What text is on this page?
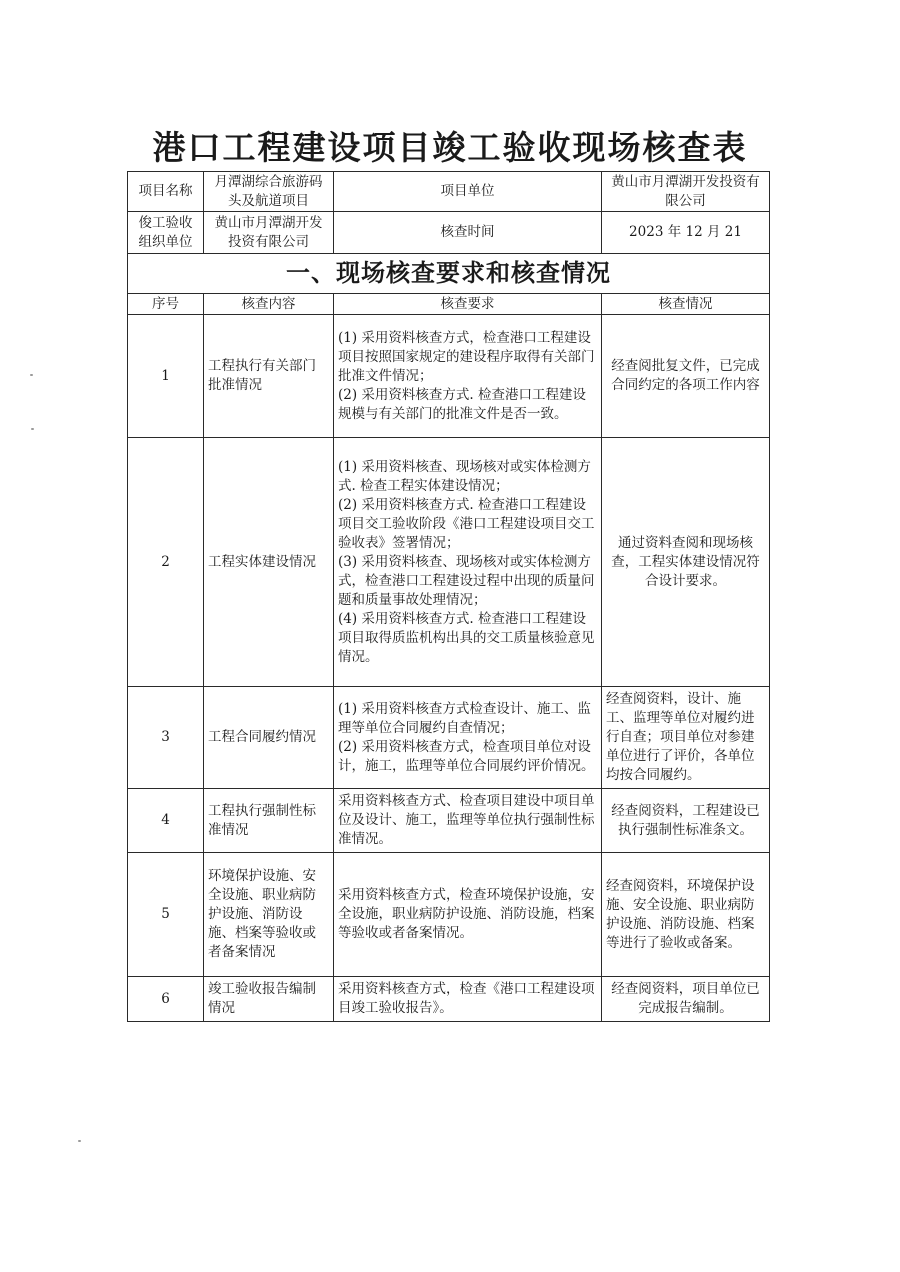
港口工程建设项目竣工验收现场核查表
项目名称	月潭湖综合旅游码头及航道项目	项目单位	黄山市月潭湖开发投资有限公司
俊工验收组织单位	黄山市月潭湖开发投资有限公司	核查时间	2023 年 12 月 21
一、现场核查要求和核查情况			
序号	核查内容	核查要求	核查情况
1	工程执行有关部门批准情况	(1) 采用资料核查方式，检查港口工程建设项目按照国家规定的建设程序取得有关部门批准文件情况；
(2) 采用资料核查方式. 检查港口工程建设规模与有关部门的批准文件是否一致。	经查阅批复文件，已完成合同约定的各项工作内容
2	工程实体建设情况	(1) 采用资料核查、现场核对或实体检测方式. 检查工程实体建设情况；
(2) 采用资料核查方式. 检查港口工程建设项目交工验收阶段《港口工程建设项目交工验收表》签署情况；
(3) 采用资料核查、现场核对或实体检测方式，检查港口工程建设过程中出现的质量问题和质量事故处理情况；
(4) 采用资料核查方式. 检查港口工程建设项目取得质监机构出具的交工质量核验意见情况。	通过资料查阅和现场核查，工程实体建设情况符合设计要求。
3	工程合同履约情况	(1) 采用资料核查方式检查设计、施工、监理等单位合同履约自查情况；
(2) 采用资料核查方式，检查项目单位对设计，施工，监理等单位合同展约评价情况。	经查阅资料，设计、施工、监理等单位对履约进行自查；项目单位对参建单位进行了评价，各单位均按合同履约。
4	工程执行强制性标 准情况	采用资料核查方式、检查项目建设中项目单位及设计、施工，监理等单位执行强制性标准情况。	经查阅资料，工程建设已执行强制性标准条文。
5	环境保护设施、安全设施、职业病防护设施、消防设施、档案等验收或者备案情况	采用资料核查方式，检查环境保护设施，安全设施，职业病防护设施、消防设施，档案等验收或者备案情况。	经查阅资料，环境保护设施、安全设施、职业病防护设施、消防设施、档案等进行了验收或备案。
6	竣工验收报告编制情况	采用资料核查方式，检查《港口工程建设项目竣工验收报告》。	经查阅资料，项目单位已完成报告编制。
